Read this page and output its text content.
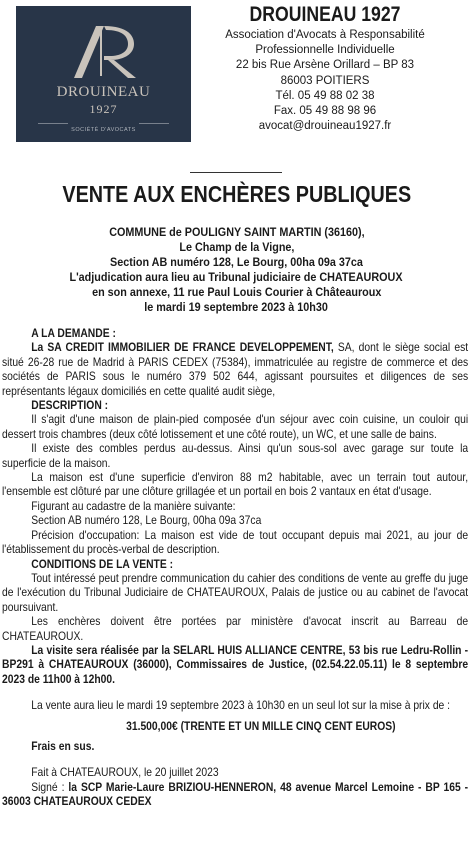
DROUINEAU
1927
SOCIÉTÉ D'AVOCATS
DROUINEAU 1927
Association d'Avocats à Responsabilité
Professionnelle Individuelle
22 bis Rue Arsène Orillard – BP 83
86003 POITIERS
Tél. 05 49 88 02 38
Fax. 05 49 88 98 96
avocat@drouineau1927.fr
VENTE AUX ENCHÈRES PUBLIQUES
COMMUNE de POULIGNY SAINT MARTIN (36160),
Le Champ de la Vigne,
Section AB numéro 128, Le Bourg, 00ha 09a 37ca
L'adjudication aura lieu au Tribunal judiciaire de CHATEAUROUX
en son annexe, 11 rue Paul Louis Courier à Châteauroux
le mardi 19 septembre 2023 à 10h30

A LA DEMANDE :

La SA CREDIT IMMOBILIER DE FRANCE DEVELOPPEMENT, SA, dont le siège social est situé 26-28 rue de Madrid à PARIS CEDEX (75384), immatriculée au registre de commerce et des sociétés de PARIS sous le numéro 379 502 644, agissant poursuites et diligences de ses représentants légaux domiciliés en cette qualité audit siège,

DESCRIPTION :

Il s'agit d'une maison de plain-pied composée d'un séjour avec coin cuisine, un couloir qui dessert trois chambres (deux côté lotissement et une côté route), un WC, et une salle de bains.

Il existe des combles perdus au-dessus. Ainsi qu'un sous-sol avec garage sur toute la superficie de la maison.

La maison est d'une superficie d'environ 88 m2 habitable, avec un terrain tout autour, l'ensemble est clôturé par une clôture grillagée et un portail en bois 2 vantaux en état d'usage.

Figurant au cadastre de la manière suivante:

Section AB numéro 128, Le Bourg, 00ha 09a 37ca

Précision d'occupation: La maison est vide de tout occupant depuis mai 2021, au jour de l'établissement du procès-verbal de description.

CONDITIONS DE LA VENTE :

Tout intéressé peut prendre communication du cahier des conditions de vente au greffe du juge de l'exécution du Tribunal Judiciaire de CHATEAUROUX, Palais de justice ou au cabinet de l'avocat poursuivant.

Les enchères doivent être portées par ministère d'avocat inscrit au Barreau de CHATEAUROUX.

La visite sera réalisée par la SELARL HUIS ALLIANCE CENTRE, 53 bis rue Ledru-Rollin - BP291 à CHATEAUROUX (36000), Commissaires de Justice, (02.54.22.05.11) le 8 septembre 2023 de 11h00 à 12h00.

La vente aura lieu le mardi 19 septembre 2023 à 10h30 en un seul lot sur la mise à prix de :

31.500,00€ (TRENTE ET UN MILLE CINQ CENT EUROS)

Frais en sus.

Fait à CHATEAUROUX, le 20 juillet 2023

Signé : la SCP Marie-Laure BRIZIOU-HENNERON, 48 avenue Marcel Lemoine - BP 165 - 36003 CHATEAUROUX CEDEX
